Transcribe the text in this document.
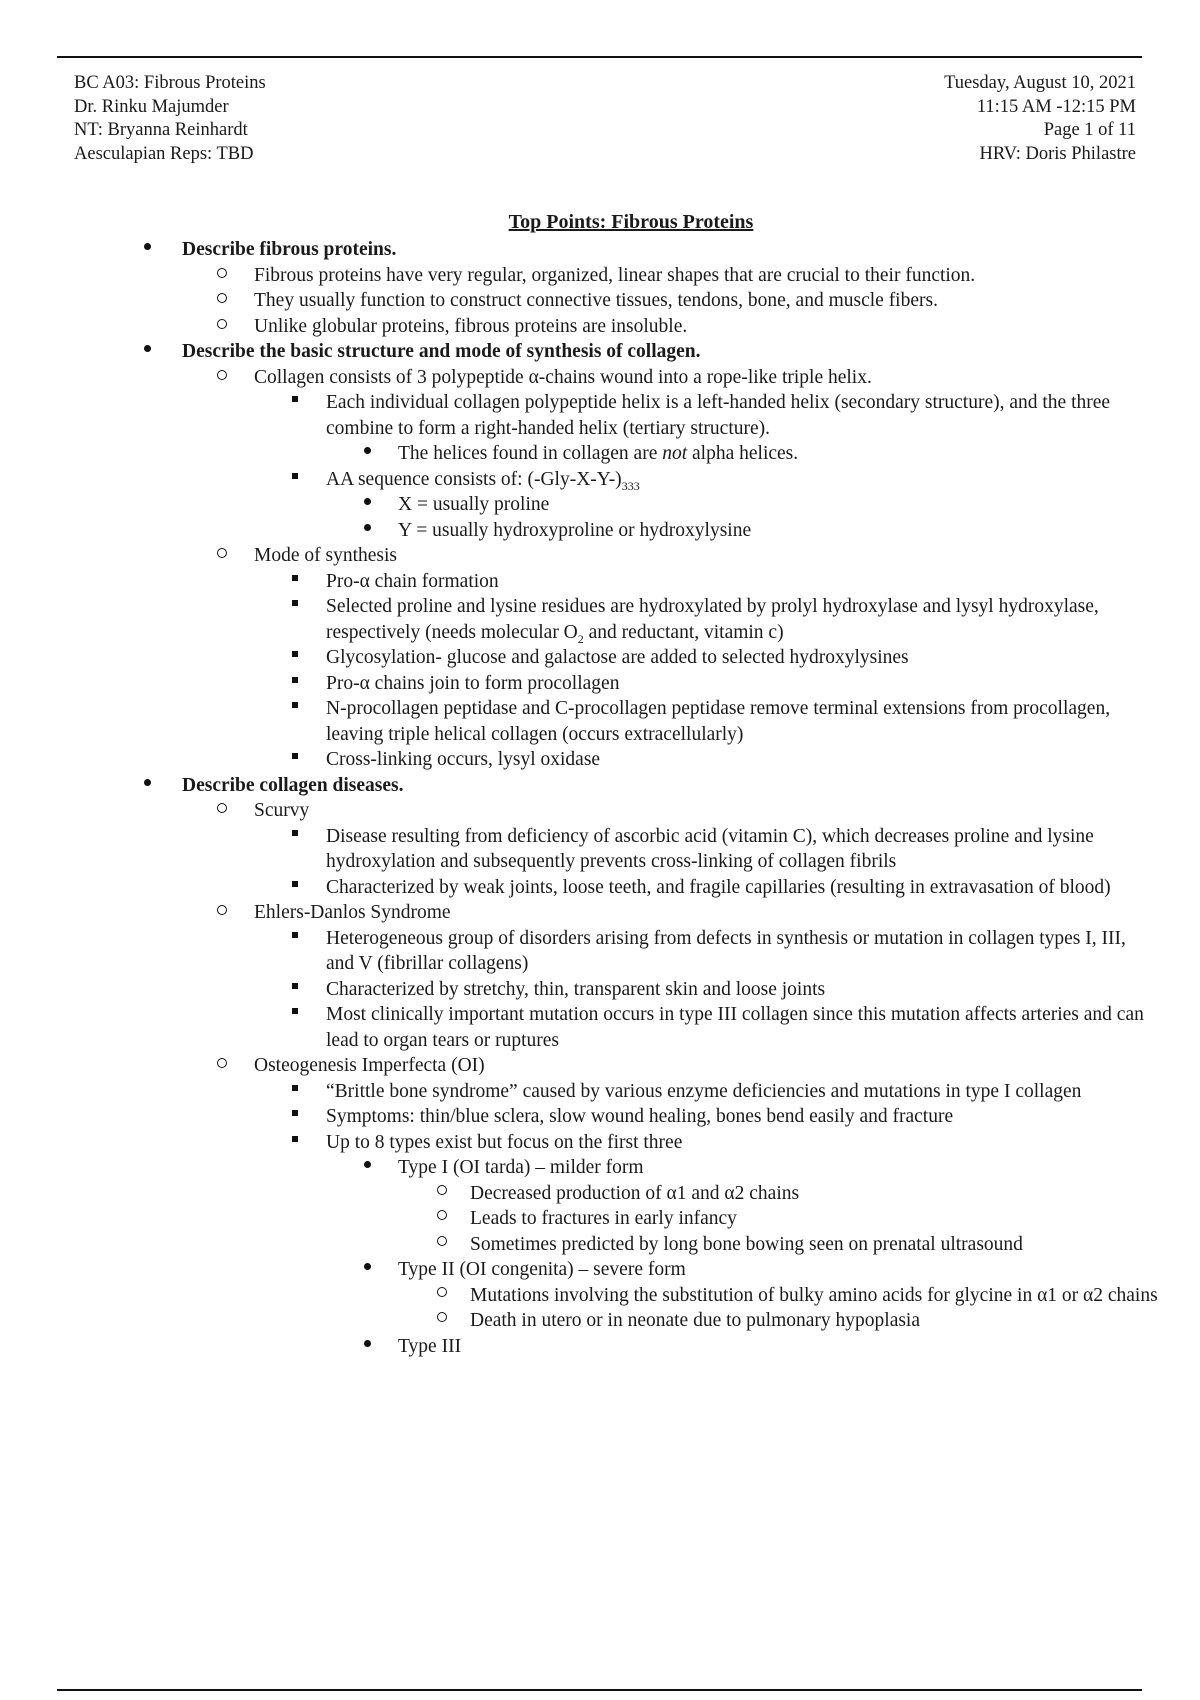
BC A03: Fibrous Proteins
Dr. Rinku Majumder
NT: Bryanna Reinhardt
Aesculapian Reps: TBD
Tuesday, August 10, 2021
11:15 AM -12:15 PM
Page 1 of 11
HRV: Doris Philastre
Top Points: Fibrous Proteins
Describe fibrous proteins.
Fibrous proteins have very regular, organized, linear shapes that are crucial to their function.
They usually function to construct connective tissues, tendons, bone, and muscle fibers.
Unlike globular proteins, fibrous proteins are insoluble.
Describe the basic structure and mode of synthesis of collagen.
Collagen consists of 3 polypeptide α-chains wound into a rope-like triple helix.
Each individual collagen polypeptide helix is a left-handed helix (secondary structure), and the three combine to form a right-handed helix (tertiary structure).
The helices found in collagen are not alpha helices.
AA sequence consists of: $(-Gly-X-Y-)_{333}$
X = usually proline
Y = usually hydroxyproline or hydroxylysine
Mode of synthesis
Pro-α chain formation
Selected proline and lysine residues are hydroxylated by prolyl hydroxylase and lysyl hydroxylase, respectively (needs molecular $O_2$ and reductant, vitamin c)
Glycosylation- glucose and galactose are added to selected hydroxylysines
Pro-α chains join to form procollagen
N-procollagen peptidase and C-procollagen peptidase remove terminal extensions from procollagen, leaving triple helical collagen (occurs extracellularly)
Cross-linking occurs, lysyl oxidase
Describe collagen diseases.
Scurvy
Disease resulting from deficiency of ascorbic acid (vitamin C), which decreases proline and lysine hydroxylation and subsequently prevents cross-linking of collagen fibrils
Characterized by weak joints, loose teeth, and fragile capillaries (resulting in extravasation of blood)
Ehlers-Danlos Syndrome
Heterogeneous group of disorders arising from defects in synthesis or mutation in collagen types I, III, and V (fibrillar collagens)
Characterized by stretchy, thin, transparent skin and loose joints
Most clinically important mutation occurs in type III collagen since this mutation affects arteries and can lead to organ tears or ruptures
Osteogenesis Imperfecta (OI)
“Brittle bone syndrome” caused by various enzyme deficiencies and mutations in type I collagen
Symptoms: thin/blue sclera, slow wound healing, bones bend easily and fracture
Up to 8 types exist but focus on the first three
Type I (OI tarda) – milder form
Decreased production of α1 and α2 chains
Leads to fractures in early infancy
Sometimes predicted by long bone bowing seen on prenatal ultrasound
Type II (OI congenita) – severe form
Mutations involving the substitution of bulky amino acids for glycine in α1 or α2 chains
Death in utero or in neonate due to pulmonary hypoplasia
Type III
